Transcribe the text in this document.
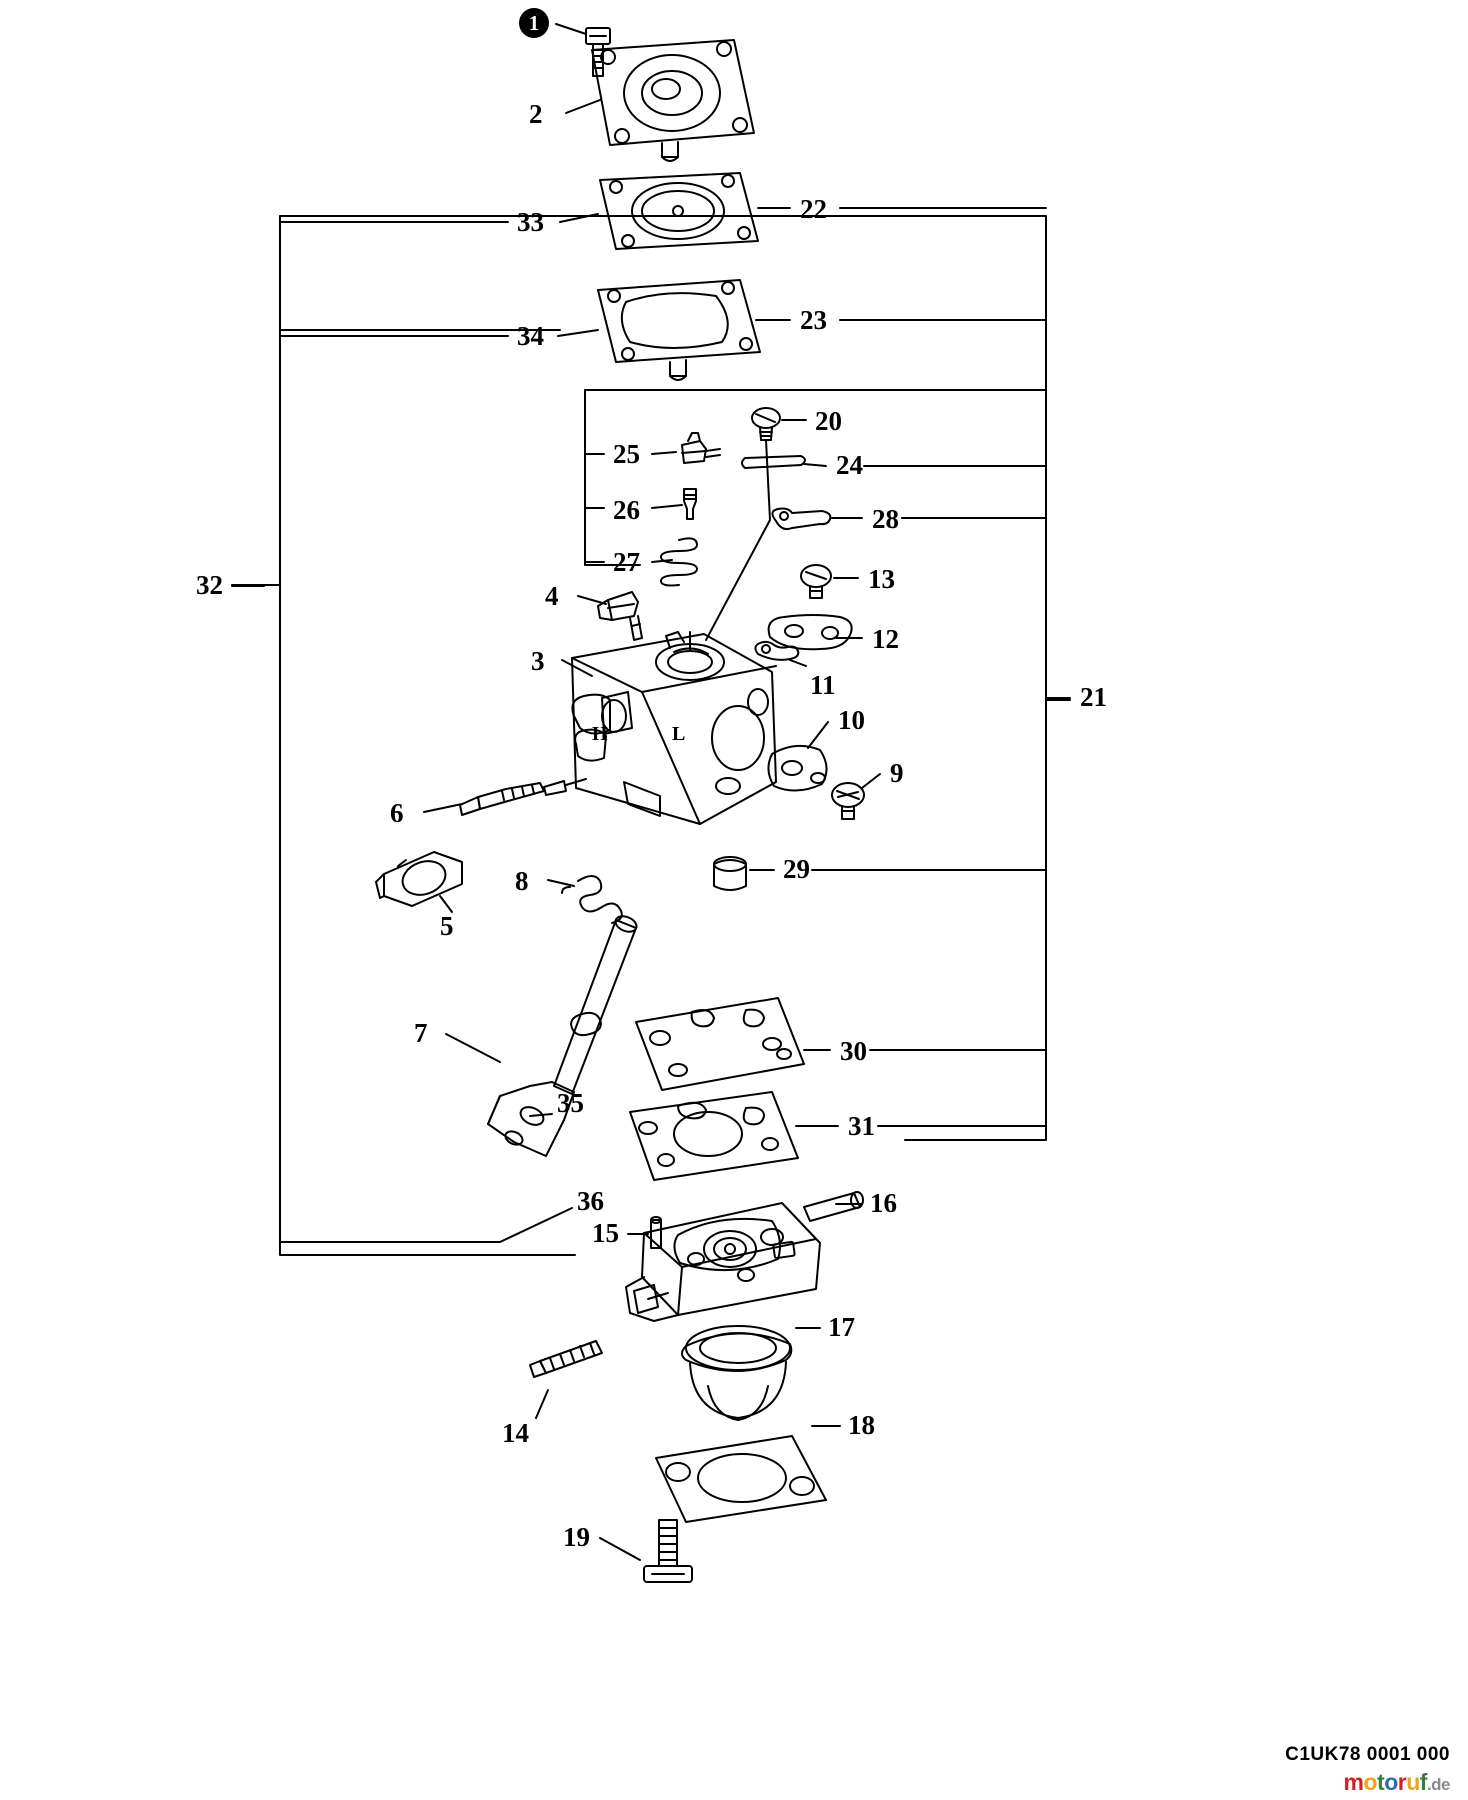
H	L
1
2
33	22
34
23
25
20
24
26	28
27
13
4
12
3
11
32
21
10
9
6
8	29
5
7
30
35
31
36	16
15
17
14	18
19
C1UK78 0001 000
motoruf.de
